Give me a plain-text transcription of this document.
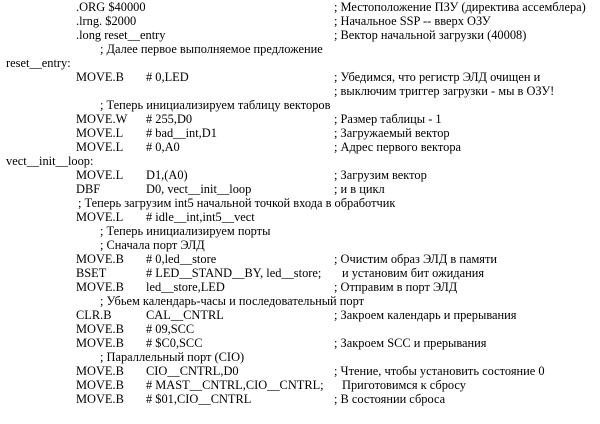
.ORG $40000	; Местоположение ПЗУ (директива ассемблера)
.lrng. $2000	; Начальное SSP -- вверх ОЗУ
.long reset__entry	; Вектор начальной загрузки (40008)
; Далее первое выполняемое предложение
reset__entry:
MOVE.B # 0,LED	; Убедимся, что регистр ЭЛД очищен и
; выключим триггер загрузки - мы в ОЗУ!
; Теперь инициализируем таблицу векторов
MOVE.W # 255,D0	; Размер таблицы - 1
MOVE.L # bad__int,D1	; Загружаемый вектор
MOVE.L # 0,A0	; Адрес первого вектора
vect__init__loop:
MOVE.L D1,(A0)	; Загрузим вектор
DBF	D0, vect__init__loop	; и в цикл
; Теперь загрузим int5 начальной точкой входа в обработчик
MOVE.L # idle__int,int5__vect
; Теперь инициализируем порты
; Сначала порт ЭЛД
MOVE.B # 0,led__store	; Очистим образ ЭЛД в памяти
BSET	# LED__STAND__BY, led__store; и установим бит ожидания
MOVE.B led__store,LED	; Отправим в порт ЭЛД
; Убьем календарь-часы и последовательный порт
CLR.B	CAL__CNTRL	; Закроем календарь и прерывания
MOVE.B # 09,SCC
MOVE.B # $C0,SCC	; Закроем SCC и прерывания
; Параллельный порт (CIO)
MOVE.B CIO__CNTRL,D0	; Чтение, чтобы установить состояние 0
MOVE.B # MAST__CNTRL,CIO__CNTRL; Приготовимся к сбросу
MOVE.B # $01,CIO__CNTRL	; В состоянии сброса
